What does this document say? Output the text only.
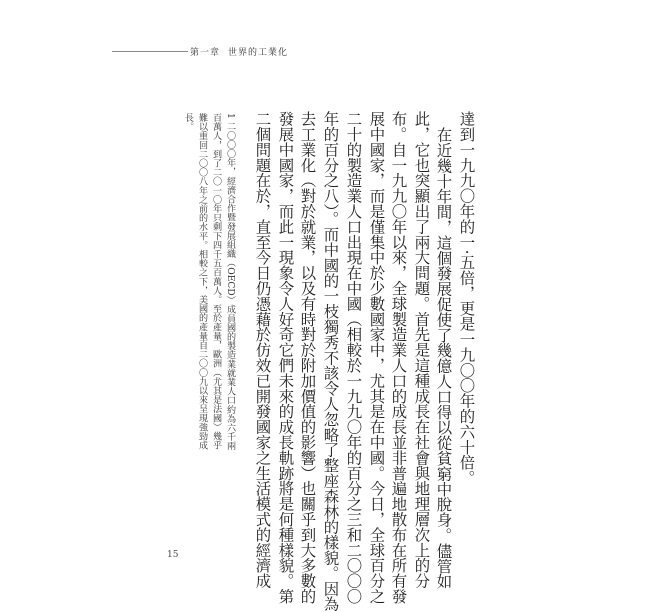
第一章 世界的工業化
達到一九九〇年的一‧五倍，更是一九〇〇年的六十倍。
在近幾十年間，這個發展促使了幾億人口得以從貧窮中脫身。儘管如
此，它也突顯出了兩大問題。首先是這種成長在社會與地理層次上的分
布。自一九九〇年以來，全球製造業人口的成長並非普遍地散布在所有發
展中國家，而是僅集中於少數國家中，尤其是在中國。今日，全球百分之
二十的製造業人口出現在中國（相較於一九九〇年的百分之三和二〇〇〇
年的百分之八）。而中國的一枝獨秀不該令人忽略了整座森林的樣貌。因為
去工業化（對於就業，以及有時對於附加價值的影響）也關乎到大多數的
發展中國家，而此一現象令人好奇它們未來的成長軌跡將是何種樣貌。第
二個問題在於，直至今日仍憑藉於仿效已開發國家之生活模式的經濟成
1 二〇〇〇年，經濟合作暨發展組織（OECD）成員國的製造業就業人口約為六千兩
百萬人，到了二〇一〇年只剩下四千五百萬人。至於產量，歐洲（尤其是法國）幾乎
難以重回二〇〇八年之前的水平。相較之下，美國的產量自二〇〇九以來呈現強勁成
長。
15
